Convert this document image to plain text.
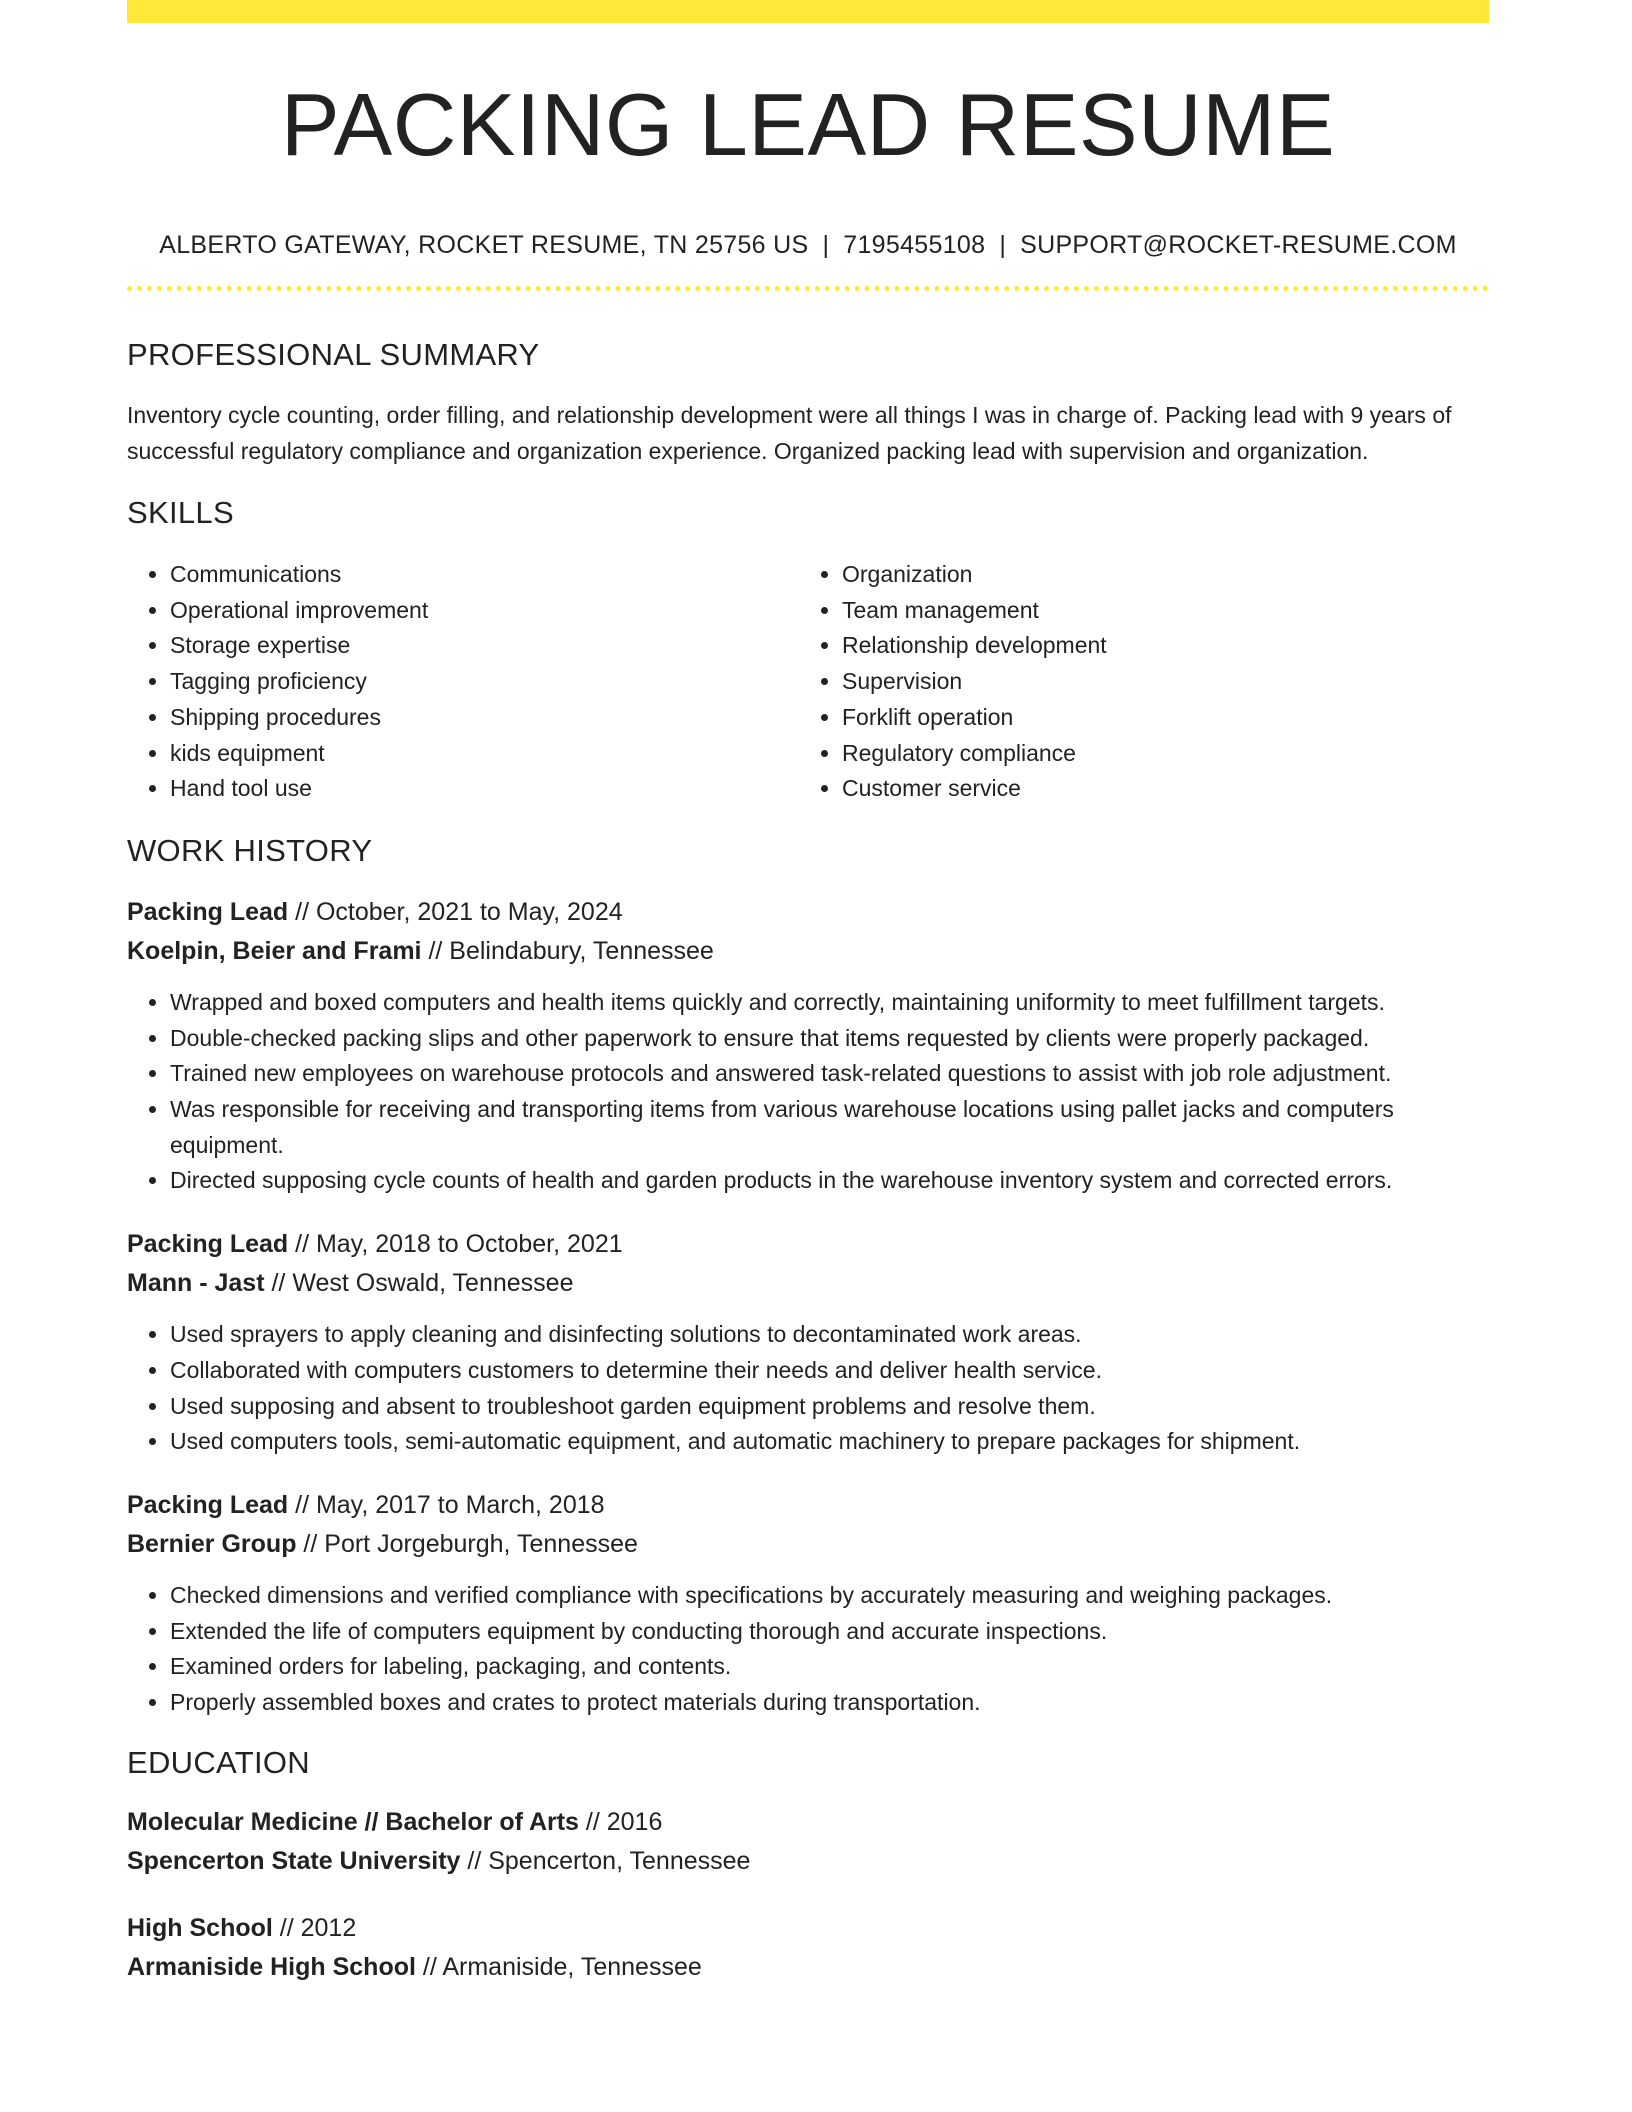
PACKING LEAD RESUME
ALBERTO GATEWAY, ROCKET RESUME, TN 25756 US | 7195455108 | SUPPORT@ROCKET-RESUME.COM
PROFESSIONAL SUMMARY
Inventory cycle counting, order filling, and relationship development were all things I was in charge of. Packing lead with 9 years of successful regulatory compliance and organization experience. Organized packing lead with supervision and organization.
SKILLS
• Communications
• Operational improvement
• Storage expertise
• Tagging proficiency
• Shipping procedures
• kids equipment
• Hand tool use
• Organization
• Team management
• Relationship development
• Supervision
• Forklift operation
• Regulatory compliance
• Customer service
WORK HISTORY
Packing Lead // October, 2021 to May, 2024
Koelpin, Beier and Frami // Belindabury, Tennessee
• Wrapped and boxed computers and health items quickly and correctly, maintaining uniformity to meet fulfillment targets.
• Double-checked packing slips and other paperwork to ensure that items requested by clients were properly packaged.
• Trained new employees on warehouse protocols and answered task-related questions to assist with job role adjustment.
• Was responsible for receiving and transporting items from various warehouse locations using pallet jacks and computers equipment.
• Directed supposing cycle counts of health and garden products in the warehouse inventory system and corrected errors.
Packing Lead // May, 2018 to October, 2021
Mann - Jast // West Oswald, Tennessee
• Used sprayers to apply cleaning and disinfecting solutions to decontaminated work areas.
• Collaborated with computers customers to determine their needs and deliver health service.
• Used supposing and absent to troubleshoot garden equipment problems and resolve them.
• Used computers tools, semi-automatic equipment, and automatic machinery to prepare packages for shipment.
Packing Lead // May, 2017 to March, 2018
Bernier Group // Port Jorgeburgh, Tennessee
• Checked dimensions and verified compliance with specifications by accurately measuring and weighing packages.
• Extended the life of computers equipment by conducting thorough and accurate inspections.
• Examined orders for labeling, packaging, and contents.
• Properly assembled boxes and crates to protect materials during transportation.
EDUCATION
Molecular Medicine // Bachelor of Arts // 2016
Spencerton State University // Spencerton, Tennessee
High School // 2012
Armaniside High School // Armaniside, Tennessee
